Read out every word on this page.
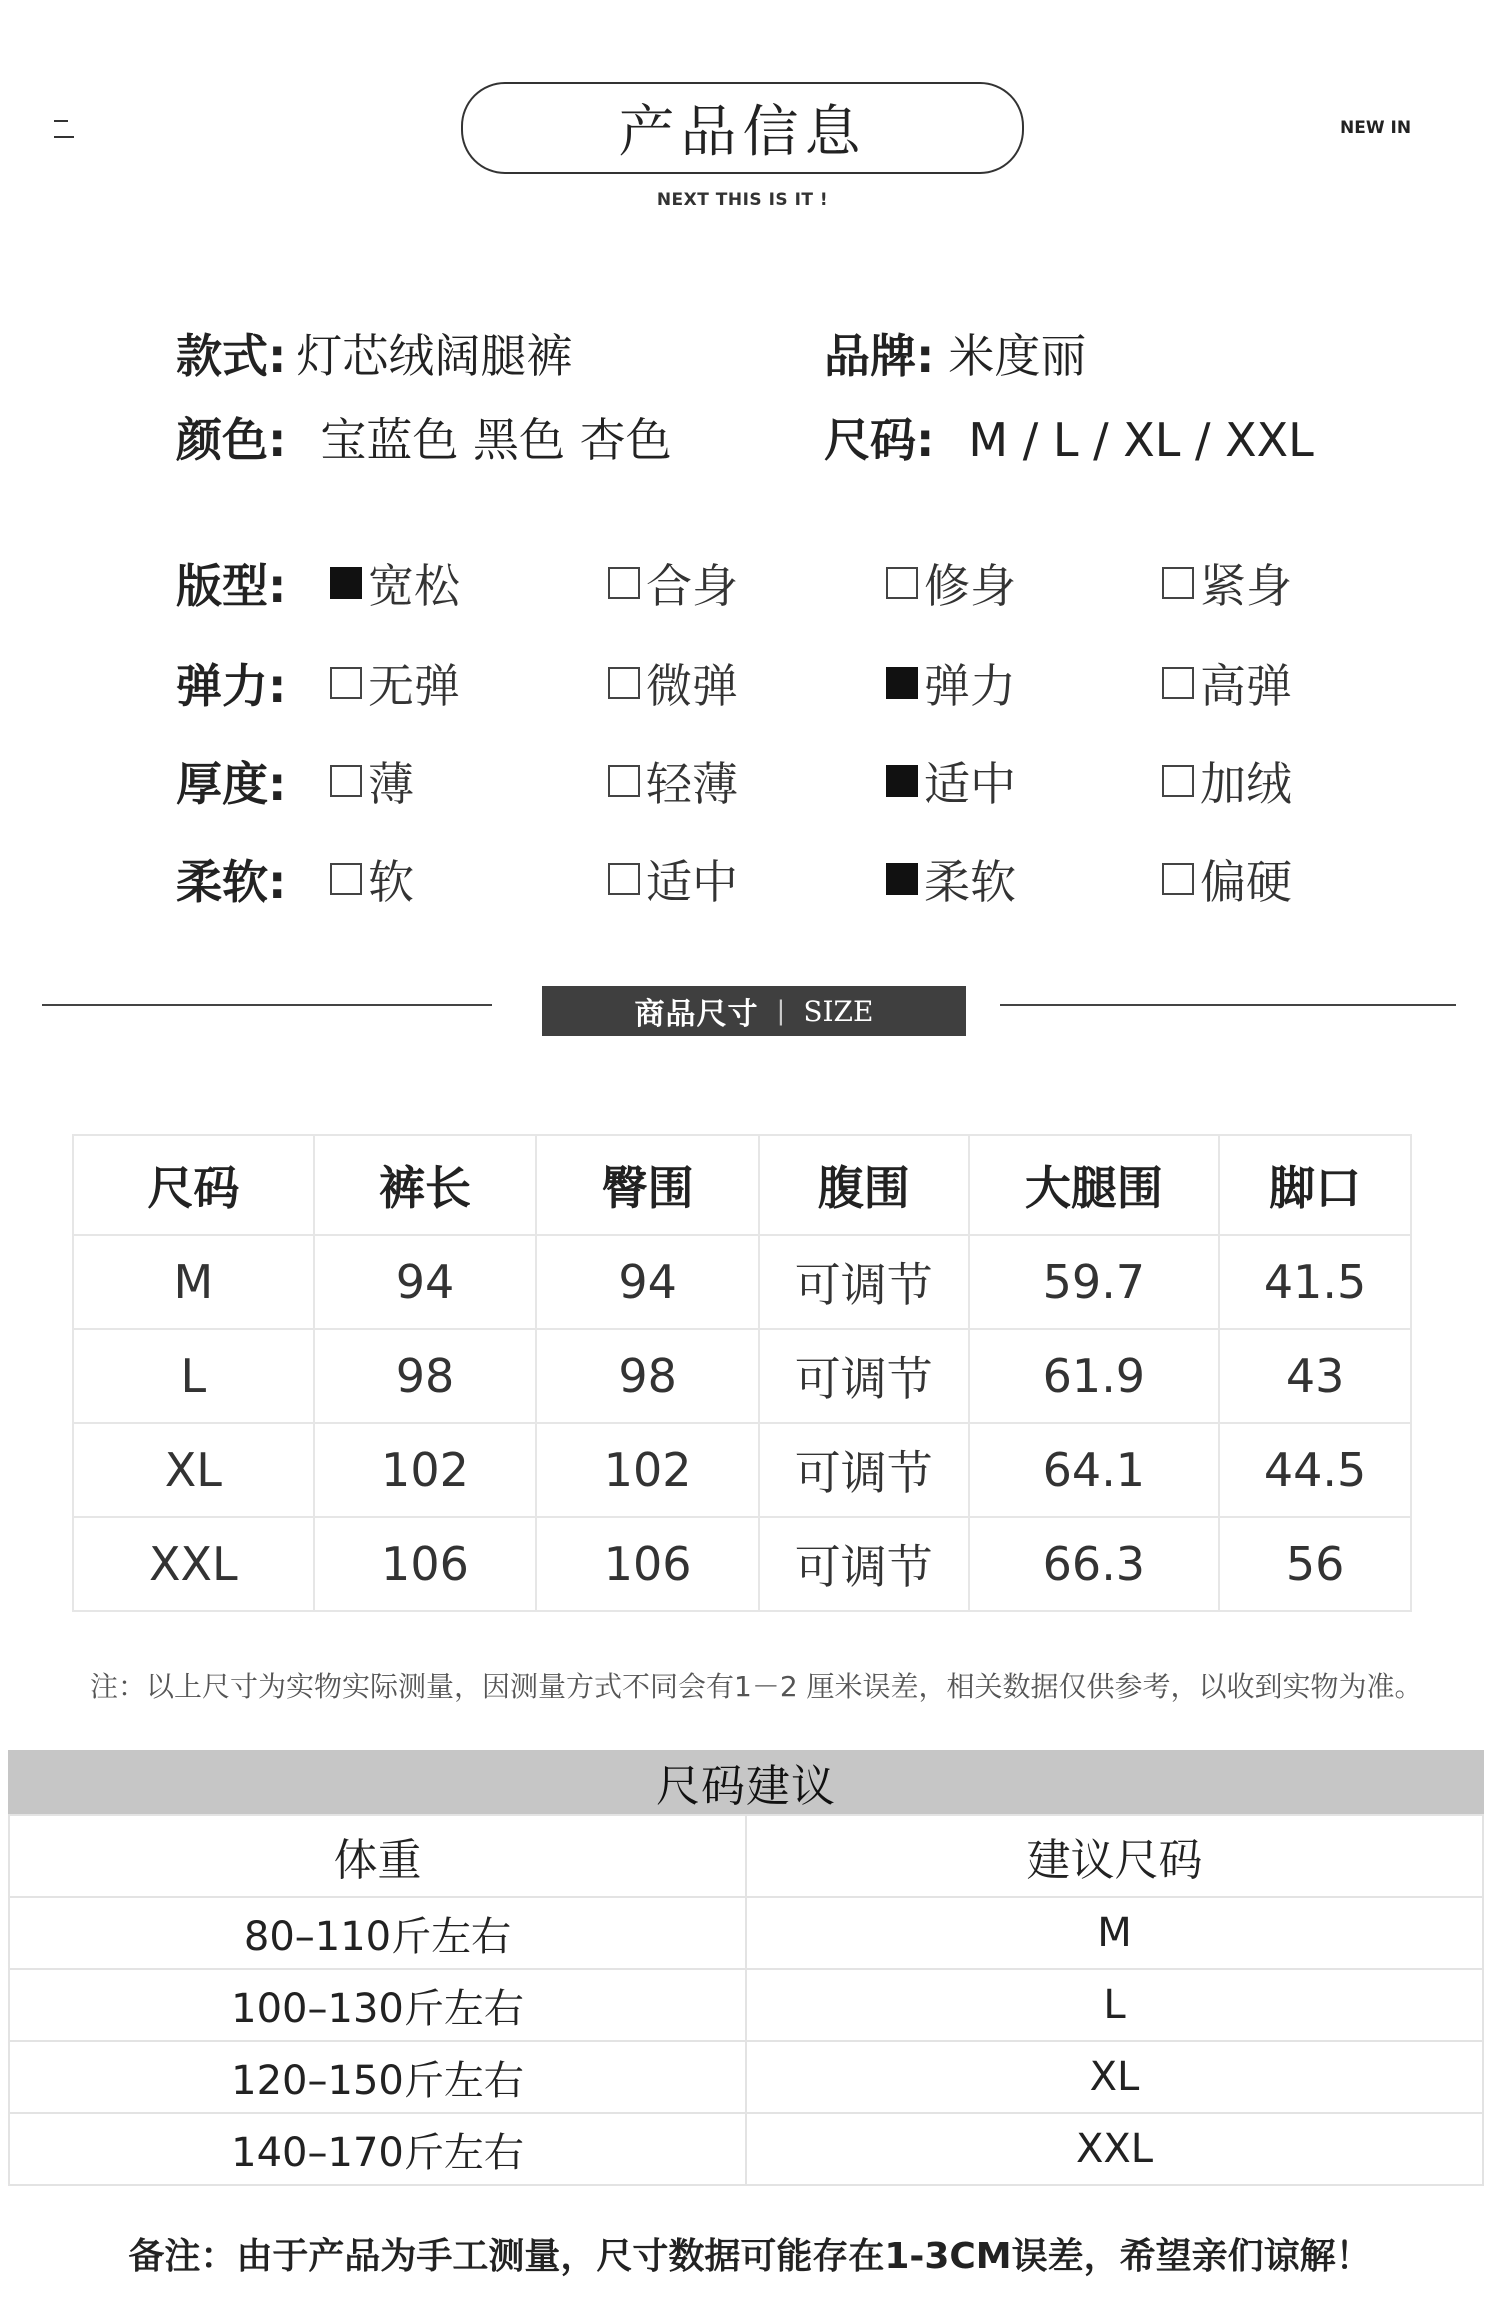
产品信息
NEXT THIS IS IT !
NEW IN
款式: 灯芯绒阔腿裤	品牌: 米度丽
颜色: 宝蓝色 黑色 杏色	尺码: M / L / XL / XXL
版型: 宽松	合身	修身	紧身
弹力: 无弹	微弹	弹力	高弹
厚度: 薄	轻薄	适中	加绒
柔软: 软	适中	柔软	偏硬
商品尺寸 | SIZE
尺码	裤长	臀围	腹围	大腿围	脚口
M	94	94	可调节	59.7	41.5
L	98	98	可调节	61.9	43
XL	102	102	可调节	64.1	44.5
XXL	106	106	可调节	66.3	56
注：以上尺寸为实物实际测量，因测量方式不同会有1－2 厘米误差，相关数据仅供参考，以收到实物为准。
尺码建议
体重	建议尺码
80–110斤左右	M
100–130斤左右	L
120–150斤左右	XL
140–170斤左右	XXL
备注：由于产品为手工测量，尺寸数据可能存在1-3CM误差，希望亲们谅解！
